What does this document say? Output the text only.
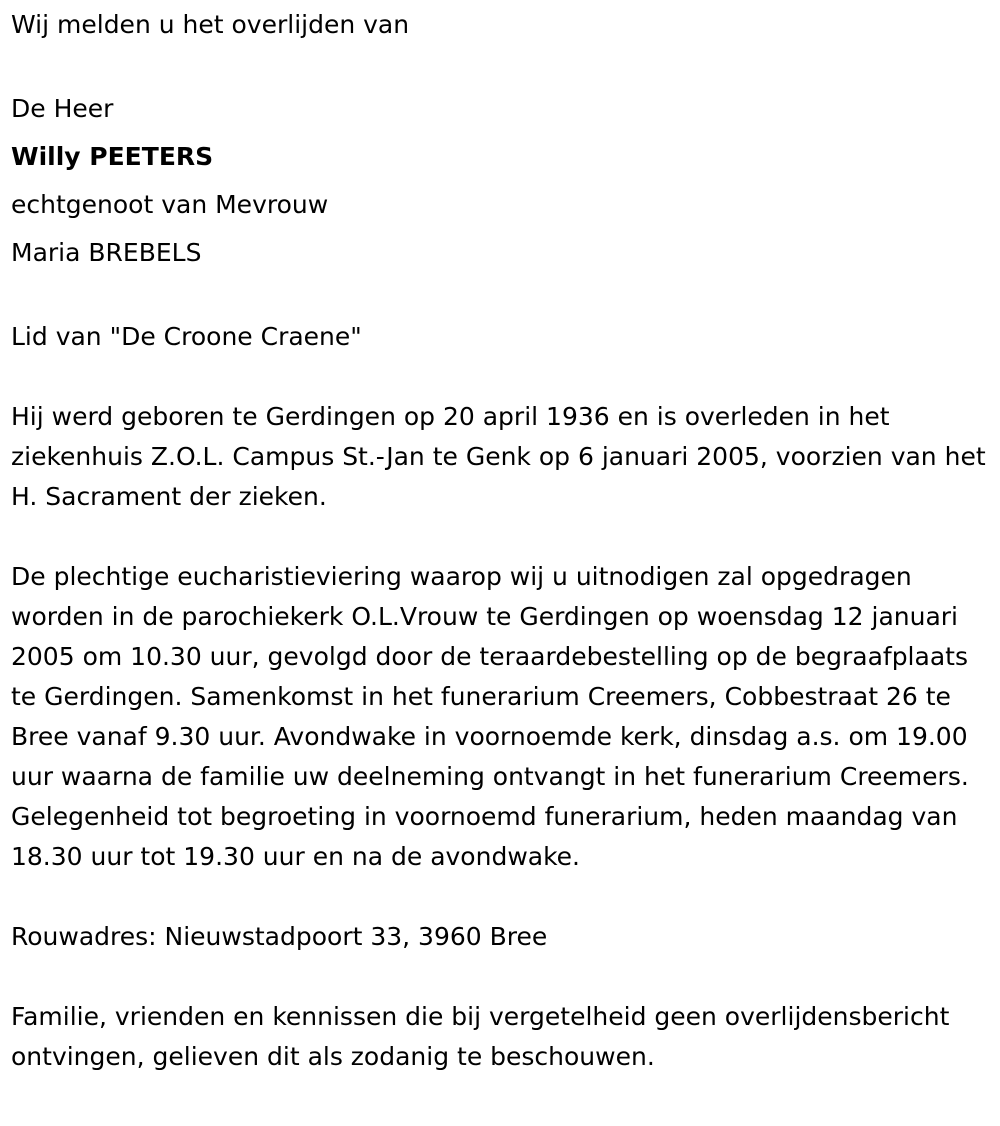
Wij melden u het overlijden van

De Heer

Willy PEETERS

echtgenoot van Mevrouw

Maria BREBELS

Lid van "De Croone Craene"

Hij werd geboren te Gerdingen op 20 april 1936 en is overleden in het ziekenhuis Z.O.L. Campus St.-Jan te Genk op 6 januari 2005, voorzien van het H. Sacrament der zieken.

De plechtige eucharistieviering waarop wij u uitnodigen zal opgedragen worden in de parochiekerk O.L.Vrouw te Gerdingen op woensdag 12 januari 2005 om 10.30 uur, gevolgd door de teraardebestelling op de begraafplaats te Gerdingen. Samenkomst in het funerarium Creemers, Cobbestraat 26 te Bree vanaf 9.30 uur. Avondwake in voornoemde kerk, dinsdag a.s. om 19.00 uur waarna de familie uw deelneming ontvangt in het funerarium Creemers. Gelegenheid tot begroeting in voornoemd funerarium, heden maandag van 18.30 uur tot 19.30 uur en na de avondwake.

Rouwadres: Nieuwstadpoort 33, 3960 Bree

Familie, vrienden en kennissen die bij vergetelheid geen overlijdensbericht ontvingen, gelieven dit als zodanig te beschouwen.
